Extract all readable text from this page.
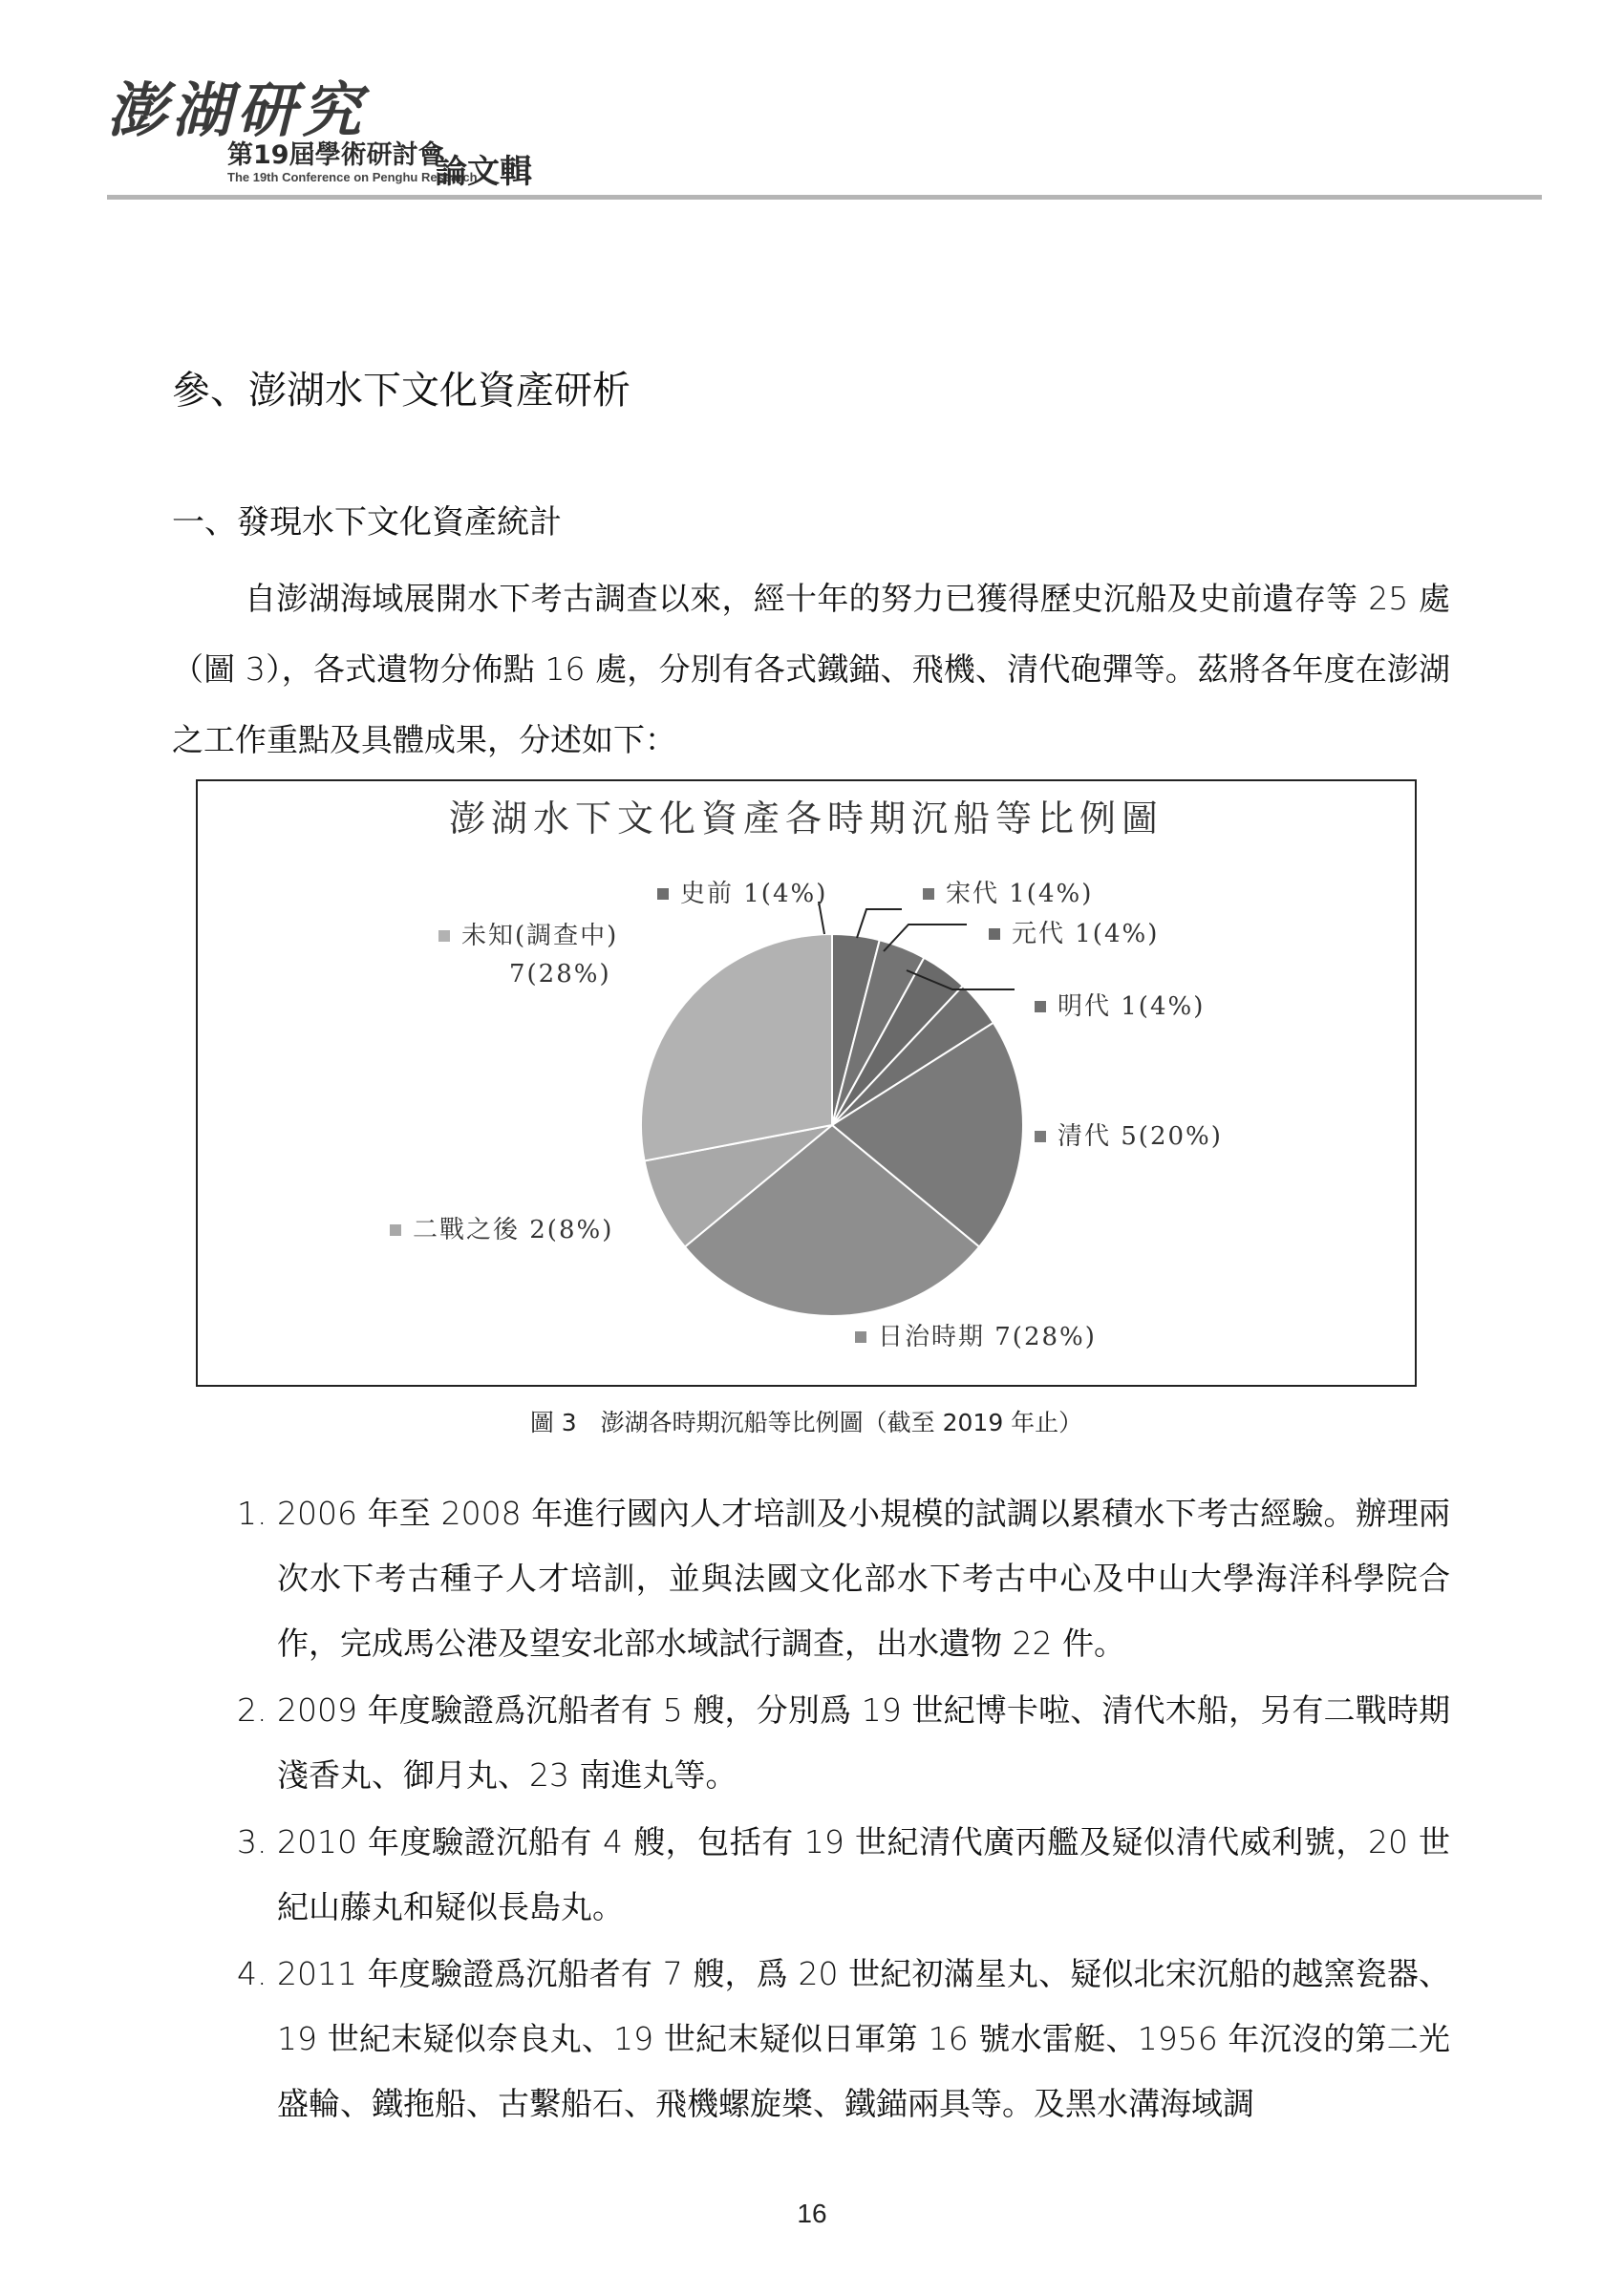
澎湖研究
第19屆學術研討會
The 19th Conference on Penghu Research
論文輯
參、澎湖水下文化資產研析
一、發現水下文化資產統計

自澎湖海域展開水下考古調查以來，經十年的努力已獲得歷史沉船及史前遺存等 25 處（圖 3），各式遺物分佈點 16 處，分別有各式鐵錨、飛機、清代砲彈等。茲將各年度在澎湖之工作重點及具體成果，分述如下：

澎湖水下文化資產各時期沉船等比例圖
史前 1(4%)	宋代 1(4%)
元代 1(4%)
明代 1(4%)
清代 5(20%)
日治時期 7(28%)
二戰之後 2(8%)
未知(調查中) 7(28%)
圖 3　澎湖各時期沉船等比例圖（截至 2019 年止）
1. 2006 年至 2008 年進行國內人才培訓及小規模的試調以累積水下考古經驗。辦理兩次水下考古種子人才培訓，並與法國文化部水下考古中心及中山大學海洋科學院合作，完成馬公港及望安北部水域試行調查，出水遺物 22 件。
2. 2009 年度驗證爲沉船者有 5 艘，分別爲 19 世紀博卡啦、清代木船，另有二戰時期淺香丸、御月丸、23 南進丸等。
3. 2010 年度驗證沉船有 4 艘，包括有 19 世紀清代廣丙艦及疑似清代威利號，20 世紀山藤丸和疑似長島丸。
4. 2011 年度驗證爲沉船者有 7 艘，爲 20 世紀初滿星丸、疑似北宋沉船的越窯瓷器、19 世紀末疑似奈良丸、19 世紀末疑似日軍第 16 號水雷艇、1956 年沉沒的第二光盛輪、鐵拖船、古繫船石、飛機螺旋槳、鐵錨兩具等。及黑水溝海域調
16
